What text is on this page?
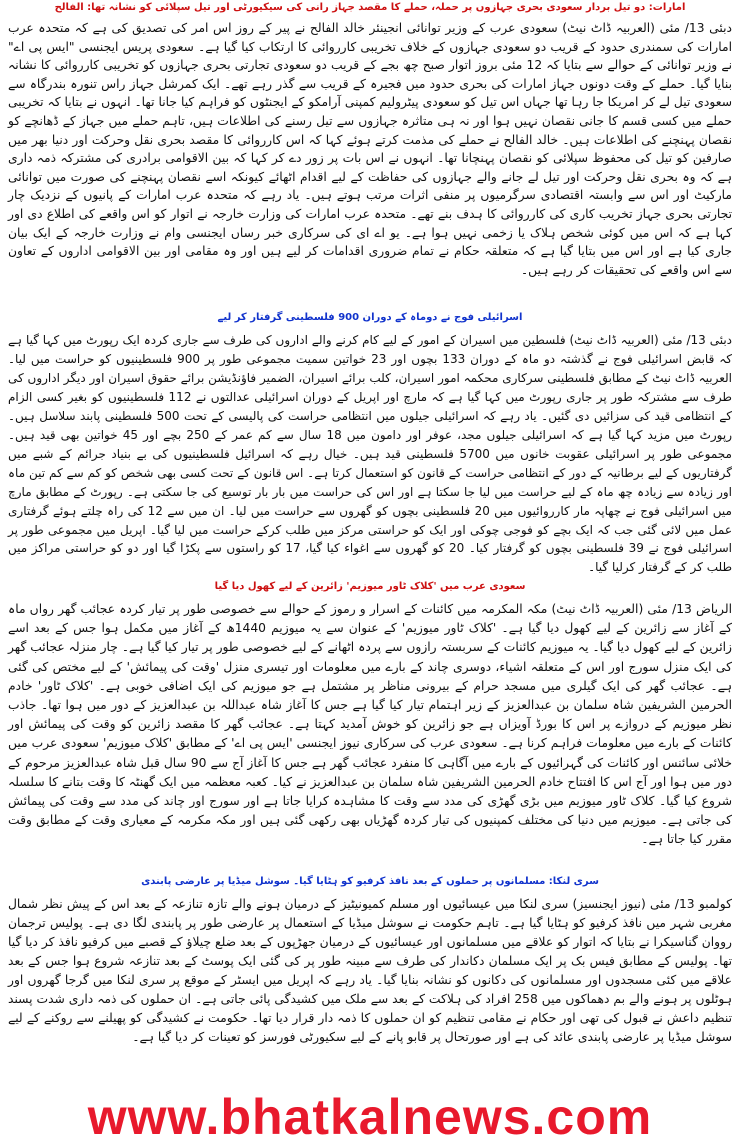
امارات: دو تیل بردار سعودی بحری جہازوں پر حملہ، حملے کا مقصد جہاز رانی کی سیکیورٹی اور تیل سپلائی کو نشانہ تھا: الفالح

دبئی 13/ مئی (العربیہ ڈاٹ نیٹ) سعودی عرب کے وزیر توانائی انجینئر خالد الفالح نے پیر کے روز اس امر کی تصدیق کی ہے کہ متحدہ عرب امارات کی سمندری حدود کے قریب دو سعودی جہازوں کے خلاف تخریبی کارروائی کا ارتکاب کیا گیا ہے۔ سعودی پریس ایجنسی "ایس پی اے" نے وزیر توانائی کے حوالے سے بتایا کہ 12 مئی بروز اتوار صبح چھ بجے کے قریب دو سعودی تجارتی بحری جہازوں کو تخریبی کارروائی کا نشانہ بنایا گیا۔ حملے کے وقت دونوں جہاز امارات کی بحری حدود میں فجیرہ کے قریب سے گذر رہے تھے۔ ایک کمرشل جہاز راس تنورہ بندرگاہ سے سعودی تیل لے کر امریکا جا رہا تھا جہاں اس تیل کو سعودی پیٹرولیم کمپنی آرامکو کے ایجنٹوں کو فراہم کیا جانا تھا۔ انہوں نے بتایا کہ تخریبی حملے میں کسی قسم کا جانی نقصان نہیں ہوا اور نہ ہی متاثرہ جہازوں سے تیل رسنے کی اطلاعات ہیں، تاہم حملے میں جہاز کے ڈھانچے کو نقصان پہنچنے کی اطلاعات ہیں۔ خالد الفالح نے حملے کی مذمت کرتے ہوئے کہا کہ اس کارروائی کا مقصد بحری نقل وحرکت اور دنیا بھر میں صارفین کو تیل کی محفوظ سپلائی کو نقصان پہنچانا تھا۔ انہوں نے اس بات پر زور دے کر کہا کہ بین الاقوامی برادری کی مشترکہ ذمہ داری ہے کہ وہ بحری نقل وحرکت اور تیل لے جانے والے جہازوں کی حفاظت کے لیے اقدام اٹھائے کیونکہ اسے نقصان پہنچنے کی صورت میں توانائی مارکیٹ اور اس سے وابستہ اقتصادی سرگرمیوں پر منفی اثرات مرتب ہوتے ہیں۔ یاد رہے کہ متحدہ عرب امارات کے پانیوں کے نزدیک چار تجارتی بحری جہاز تخریب کاری کی کارروائی کا ہدف بنے تھے۔ متحدہ عرب امارات کی وزارت خارجہ نے اتوار کو اس واقعے کی اطلاع دی اور کہا ہے کہ اس میں کوئی شخص ہلاک یا زخمی نہیں ہوا ہے۔ یو اے ای کی سرکاری خبر رساں ایجنسی وام نے وزارت خارجہ کے ایک بیان جاری کیا ہے اور اس میں بتایا گیا ہے کہ متعلقہ حکام نے تمام ضروری اقدامات کر لیے ہیں اور وہ مقامی اور بین الاقوامی اداروں کے تعاون سے اس واقعے کی تحقیقات کر رہے ہیں۔

اسرائیلی فوج نے دوماہ کے دوران 900 فلسطینی گرفتار کر لیے

دبئی 13/ مئی (العربیہ ڈاٹ نیٹ) فلسطین میں اسیران کے امور کے لیے کام کرنے والے اداروں کی طرف سے جاری کردہ ایک رپورٹ میں کہا گیا ہے کہ قابض اسرائیلی فوج نے گذشتہ دو ماہ کے دوران 133 بچوں اور 23 خواتین سمیت مجموعی طور پر 900 فلسطینیوں کو حراست میں لیا۔ العربیہ ڈاٹ نیٹ کے مطابق فلسطینی سرکاری محکمہ امور اسیران، کلب برائے اسیران، الضمیر فاؤنڈیشن برائے حقوق اسیران اور دیگر اداروں کی طرف سے مشترکہ طور پر جاری رپورٹ میں کہا گیا ہے کہ مارچ اور اپریل کے دوران اسرائیلی عدالتوں نے 112 فلسطینیوں کو بغیر کسی الزام کے انتظامی قید کی سزائیں دی گئیں۔ یاد رہے کہ اسرائیلی جیلوں میں انتظامی حراست کی پالیسی کے تحت 500 فلسطینی پابند سلاسل ہیں۔ رپورٹ میں مزید کہا گیا ہے کہ اسرائیلی جیلوں مجد، عوفر اور دامون میں 18 سال سے کم عمر کے 250 بچے اور 45 خواتین بھی قید ہیں۔ مجموعی طور پر اسرائیلی عقوبت خانوں میں 5700 فلسطینی قید ہیں۔ خیال رہے کہ اسرائیل فلسطینیوں کی بے بنیاد جرائم کے شبے میں گرفتاریوں کے لیے برطانیہ کے دور کے انتظامی حراست کے قانون کو استعمال کرتا ہے۔ اس قانون کے تحت کسی بھی شخص کو کم سے کم تین ماہ اور زیادہ سے زیادہ چھ ماہ کے لیے حراست میں لیا جا سکتا ہے اور اس کی حراست میں بار بار توسیع کی جا سکتی ہے۔ رپورٹ کے مطابق مارچ میں اسرائیلی فوج نے چھاپہ مار کارروائیوں میں 20 فلسطینی بچوں کو گھروں سے حراست میں لیا۔ ان میں سے 12 کی راہ چلتے ہوئے گرفتاری عمل میں لائی گئی جب کہ ایک بچے کو فوجی چوکی اور ایک کو حراستی مرکز میں طلب کرکے حراست میں لیا گیا۔ اپریل میں مجموعی طور پر اسرائیلی فوج نے 39 فلسطینی بچوں کو گرفتار کیا۔ 20 کو گھروں سے اغواء کیا گیا، 17 کو راستوں سے پکڑا گیا اور دو کو حراستی مراکز میں طلب کر کے گرفتار کرلیا گیا۔

سعودی عرب میں 'کلاک ٹاور میوزیم' زائرین کے لیے کھول دیا گیا

الریاض 13/ مئی (العربیہ ڈاٹ نیٹ) مکہ المکرمہ میں کائنات کے اسرار و رموز کے حوالے سے خصوصی طور پر تیار کردہ عجائب گھر رواں ماہ کے آغاز سے زائرین کے لیے کھول دیا گیا ہے۔ 'کلاک ٹاور میوزیم' کے عنوان سے یہ میوزیم 1440ھ کے آغاز میں مکمل ہوا جس کے بعد اسے زائرین کے لیے کھول دیا گیا۔ یہ میوزیم کائنات کے سربستہ رازوں سے پردہ اٹھانے کے لیے خصوصی طور پر تیار کیا گیا ہے۔ چار منزلہ عجائب گھر کی ایک منزل سورج اور اس کے متعلقہ اشیاء، دوسری چاند کے بارے میں معلومات اور تیسری منزل 'وقت کی پیمائش' کے لیے مختص کی گئی ہے۔ عجائب گھر کی ایک گیلری میں مسجد حرام کے بیرونی مناظر پر مشتمل ہے جو میوزیم کی ایک اضافی خوبی ہے۔ 'کلاک ٹاور' خادم الحرمین الشریفین شاہ سلمان بن عبدالعزیز کے زیر اہتمام تیار کیا گیا ہے جس کا آغاز شاہ عبداللہ بن عبدالعزیز کے دور میں ہوا تھا۔ جاذب نظر میوزیم کے دروازے پر اس کا بورڈ آویزاں ہے جو زائرین کو خوش آمدید کہتا ہے۔ عجائب گھر کا مقصد زائرین کو وقت کی پیمائش اور کائنات کے بارے میں معلومات فراہم کرنا ہے۔ سعودی عرب کی سرکاری نیوز ایجنسی 'ایس پی اے' کے مطابق 'کلاک میوزیم' سعودی عرب میں خلائی سائنس اور کائنات کی گہرائیوں کے بارے میں آگاہی کا منفرد عجائب گھر ہے جس کا آغاز آج سے 90 سال قبل شاہ عبدالعزیز مرحوم کے دور میں ہوا اور آج اس کا افتتاح خادم الحرمین الشریفین شاہ سلمان بن عبدالعزیز نے کیا۔ کعبہ معظمہ میں ایک گھنٹہ کا وقت بتانے کا سلسلہ شروع کیا گیا۔ کلاک ٹاور میوزیم میں بڑی گھڑی کی مدد سے وقت کا مشاہدہ کرایا جاتا ہے اور سورج اور چاند کی مدد سے وقت کی پیمائش کی جاتی ہے۔ میوزیم میں دنیا کی مختلف کمپنیوں کی تیار کردہ گھڑیاں بھی رکھی گئی ہیں اور مکہ مکرمہ کے معیاری وقت کے مطابق وقت مقرر کیا جاتا ہے۔

سری لنکا: مسلمانوں پر حملوں کے بعد نافذ کرفیو کو ہٹایا گیا۔ سوشل میڈیا پر عارضی پابندی

کولمبو 13/ مئی (نیوز ایجنسیز) سری لنکا میں عیسائیوں اور مسلم کمیونیٹیز کے درمیان ہونے والے تازہ تنازعہ کے بعد اس کے پیش نظر شمال مغربی شہر میں نافذ کرفیو کو ہٹایا گیا ہے۔ تاہم حکومت نے سوشل میڈیا کے استعمال پر عارضی طور پر پابندی لگا دی ہے۔ پولیس ترجمان رووان گناسیکرا نے بتایا کہ اتوار کو علاقے میں مسلمانوں اور عیسائیوں کے درمیان جھڑپوں کے بعد ضلع چیلاؤ کے قصبے میں کرفیو نافذ کر دیا گیا تھا۔ پولیس کے مطابق فیس بک پر ایک مسلمان دکاندار کی طرف سے مبینہ طور پر کی گئی ایک پوسٹ کے بعد تنازعہ شروع ہوا جس کے بعد علاقے میں کئی مسجدوں اور مسلمانوں کی دکانوں کو نشانہ بنایا گیا۔ یاد رہے کہ اپریل میں ایسٹر کے موقع پر سری لنکا میں گرجا گھروں اور ہوٹلوں پر ہونے والے بم دھماکوں میں 258 افراد کی ہلاکت کے بعد سے ملک میں کشیدگی پائی جاتی ہے۔ ان حملوں کی ذمہ داری شدت پسند تنظیم داعش نے قبول کی تھی اور حکام نے مقامی تنظیم کو ان حملوں کا ذمہ دار قرار دیا تھا۔ حکومت نے کشیدگی کو پھیلنے سے روکنے کے لیے سوشل میڈیا پر عارضی پابندی عائد کی ہے اور صورتحال پر قابو پانے کے لیے سکیورٹی فورسز کو تعینات کر دیا گیا ہے۔

www.bhatkalnews.com
